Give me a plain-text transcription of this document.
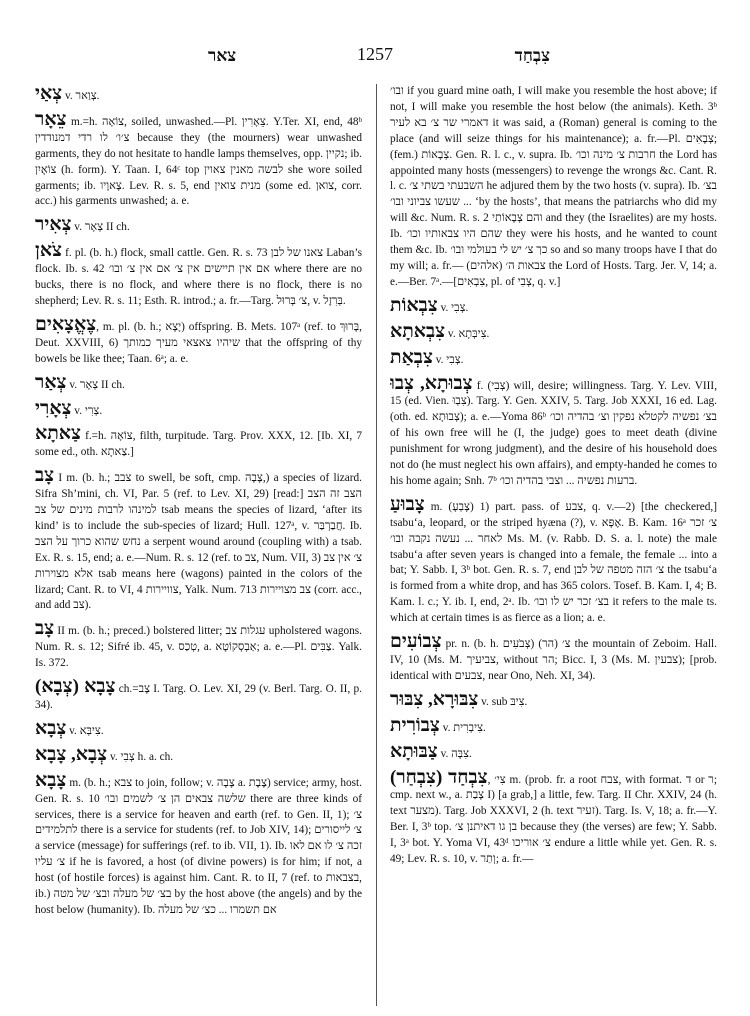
צאר	1257	צִבְחַד

צְאַי v. צְוַאר.

צֵאָר m.=h. צוֹאָה, soiled, unwashed.—Pl. צֵאָרִין. Y.Ter. XI, end, 48ᵇ צ׳ו׳ לו רדי דמנודדין because they (the mourners) wear unwashed garments, they do not hesitate to handle lamps themselves, opp. נקיין; ib. צוֹאָיִן (h. form). Y. Taan. I, 64ᶜ top לבשה מאנין צאוין she wore soiled garments; ib. צָאוָיו. Lev. R. s. 5, end מנית צואין (some ed. צואן, corr. acc.) his garments unwashed; a. e.

צְאִיר v. צְאָר II ch.

צֹאן f. pl. (b. h.) flock, small cattle. Gen. R. s. 73 צאנו של לבן Laban’s flock. Ib. s. 42 אם אין תיישים אין צ׳ אם אין צ׳ ובו׳ where there are no bucks, there is no flock, and where there is no flock, there is no shepherd; Lev. R. s. 11; Esth. R. introd.; a. fr.—Targ. צ׳ בְּרוּל, v. בְּרִזֶל.

צֶאֱצָאִים, m. pl. (b. h.; יָצָא) offspring. B. Mets. 107ᵃ (ref. to בָּרוּךְ, Deut. XXVIII, 6) שיהיו צאצאי מעיך כמותך that the offspring of thy bowels be like thee; Taan. 6ᵃ; a. e.

צְאַר v. צְאָר II ch.

צְאָרִי v. צְרִי.

צַאתָא f.=h. צוֹאָה, filth, turpitude. Targ. Prov. XXX, 12. [Ib. XI, 7 some ed., oth. צַאתָא.]

צָב I m. (b. h.; צבב to swell, be soft, cmp. צָבָה,) a species of lizard. Sifra Sh’mini, ch. VI, Par. 5 (ref. to Lev. XI, 29) [read:] הצב זה הצב למינהו לרבות מינים של צב tsab means the species of lizard, ‘after its kind’ is to include the sub-species of lizard; Hull. 127ᵃ, v. חֲבַרְבַּר. Ib. נחש שהוא כרוך על הצב a serpent wound around (coupling with) a tsab. Ex. R. s. 15, end; a. e.—Num. R. s. 12 (ref. to צב, Num. VII, 3) צ׳ אין צב אלא מצוירות tsab means here (wagons) painted in the colors of the lizard; Cant. R. to VI, 4 צוויירות, Yalk. Num. 713 צב מצויירות (corr. acc., and add צב).

צָב II m. (b. h.; preced.) bolstered litter; עגלות צב upholstered wagons. Num. R. s. 12; Sifré ib. 45, v. טְכַס, a. אַבְסְקוֹטָא; a. e.—Pl. צַבִּים. Yalk. Is. 372.

צָבָא (צְבָא) ch.=צָב I. Targ. O. Lev. XI, 29 (v. Berl. Targ. O. II, p. 34).

צְבָא v. צִיבְּא.

צְבָא, צָבָא v. צְבִי h. a. ch.

צָבָא m. (b. h.; צבא to join, follow; v. צָבָה a. צֶבֶת) service; army, host. Gen. R. s. 10 שלשה צבאים הן צ׳ לשמים ובו׳ there are three kinds of services, there is a service for heaven and earth (ref. to Gen. II, 1); צ׳ לתלמידים there is a service for students (ref. to Job XIV, 14); צ׳ לייסורים a service (message) for sufferings (ref. to ib. VII, 1). Ib. זכה צ׳ לו אם לאו צ׳ עליו if he is favored, a host (of divine powers) is for him; if not, a host (of hostile forces) is against him. Cant. R. to II, 7 (ref. to בצבאות, ib.) בצ׳ של מעלה ובצ׳ של מטה by the host above (the angels) and by the host below (humanity). Ib. אם תשמרו ... כצ׳ של מעלה

ובו׳ if you guard mine oath, I will make you resemble the host above; if not, I will make you resemble the host below (the animals). Keth. 3ᵇ דאמרי שר צ׳ בא לעיר it was said, a (Roman) general is coming to the place (and will seize things for his maintenance); a. fr.—Pl. צְבָאִים; (fem.) צְבָאוֹת. Gen. R. l. c., v. supra. Ib. חרבות צ׳ מינה וכו׳ the Lord has appointed many hosts (messengers) to revenge the wrongs &c. Cant. R. l. c. השבעתי בשתי צ׳ he adjured them by the two hosts (v. supra). Ib. בצ׳ ... שעשו צביוני ובו׳ ‘by the hosts’, that means the patriarchs who did my will &c. Num. R. s. 2 והם צְבָאוֹתַי and they (the Israelites) are my hosts. Ib. שהם היו צבאותיו וכו׳ they were his hosts, and he wanted to count them &c. Ib. כך צ׳ יש לי בעולמי ובו׳ so and so many troops have I that do my will; a. fr.— צבאות ה׳ (אלהים) the Lord of Hosts. Targ. Jer. V, 14; a. e.—Ber. 7ᵃ.—[צִבְאִים, pl. of צְבִי, q. v.]

צִבְאוֹת v. צְבִי.

צִבְאתָא v. צִיבְּתָא.

צִבְאַת v. צְבִי.

צְבוּתָא, צְבוּ f. (צְבִי) will, desire; willingness. Targ. Y. Lev. VIII, 15 (ed. Vien. צִבְוּ). Targ. Y. Gen. XXIV, 5. Targ. Job XXXI, 16 ed. Lag. (oth. ed. צְבוּתָא); a. e.—Yoma 86ᵇ בצ׳ נפשיה לקטלא נפקין וצ׳ בהדיה וכו׳ of his own free will he (I, the judge) goes to meet death (divine punishment for wrong judgment), and the desire of his household does not do (he must neglect his own affairs), and empty-handed he comes to his home again; Snh. 7ᵇ ברעות נפשיה ... וצבי בהדיה וכו׳.

צָבוּעַ m. (צָבְעָ) 1) part. pass. of צבע, q. v.—2) [the checkered,] tsabuʻa, leopard, or the striped hyæna (?), v. אֶפָּא. B. Kam. 16ᵃ צ׳ זכר לאחר ... נעשה נקבה ובו׳ Ms. M. (v. Rabb. D. S. a. l. note) the male tsabuʻa after seven years is changed into a female, the female ... into a bat; Y. Sabb. I, 3ᵇ bot. Gen. R. s. 7, end צ׳ הזה מטפה של לבן the tsabuʻa is formed from a white drop, and has 365 colors. Tosef. B. Kam. I, 4; B. Kam. l. c.; Y. ib. I, end, 2ᵃ. Ib. בצ׳ זכר יש לו ובו׳ it refers to the male ts. which at certain times is as fierce as a lion; a. e.

צְבוֹעִים pr. n. (b. h. צְבֹעִים) (הר) צ׳ the mountain of Zeboim. Hall. IV, 10 (Ms. M. צביעיך, without הר; Bicc. I, 3 (Ms. M. צבעין); [prob. identical with צבעים, near Ono, Neh. XI, 34).

צִבּוּרָא, צִבּוּר v. sub צִיבּ.

צְבוֹרִית v. צִיבְרִית.

צַבּוּתָא v. צִבָּה.

צִבְחַד (צִבְחַר), צִי׳ m. (prob. fr. a root צבח, with format. ד or ר; cmp. next w., a. צָבַת I) [a grab,] a little, few. Targ. II Chr. XXIV, 24 (h. text מצער). Targ. Job XXXVI, 2 (h. text זעיר). Targ. Is. V, 18; a. fr.—Y. Ber. I, 3ᵇ top. בן גו דאיתנן צ׳ because they (the verses) are few; Y. Sabb. I, 3ᵃ bot. Y. Yoma VI, 43ᵈ צ׳ אוריכו endure a little while yet. Gen. R. s. 49; Lev. R. s. 10, v. וְתַר; a. fr.—
